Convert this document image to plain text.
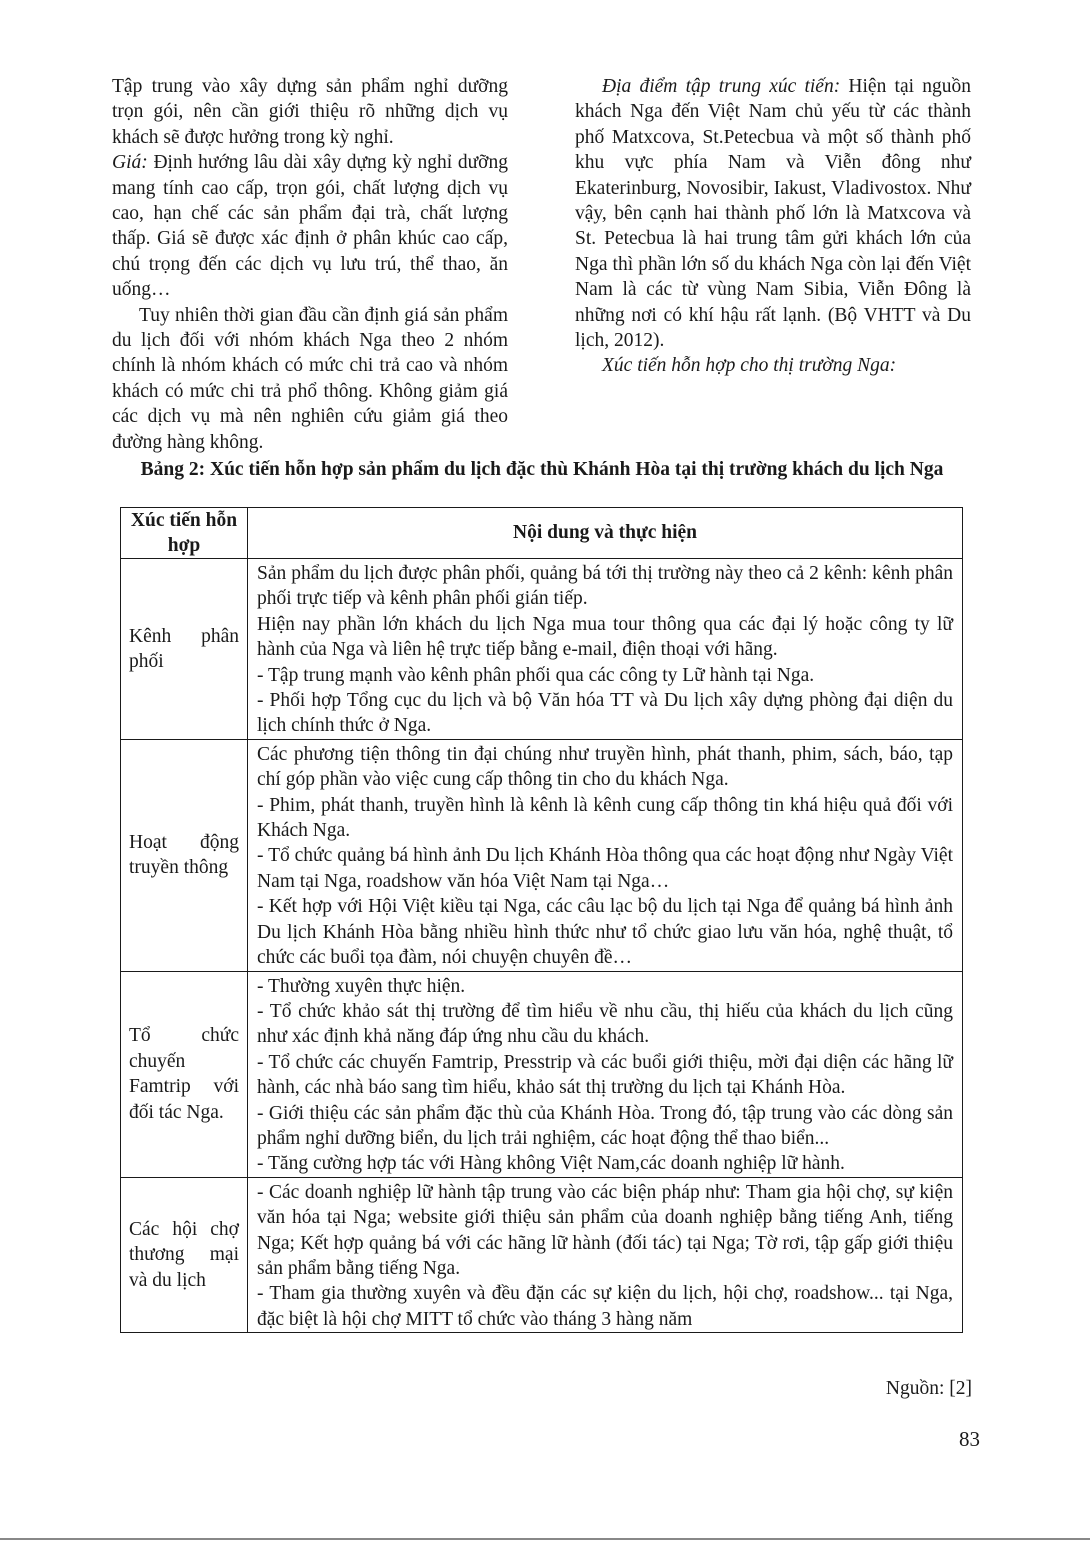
Tập trung vào xây dựng sản phẩm nghỉ dưỡng trọn gói, nên cần giới thiệu rõ những dịch vụ khách sẽ được hưởng trong kỳ nghỉ.

Giá: Định hướng lâu dài xây dựng kỳ nghỉ dưỡng mang tính cao cấp, trọn gói, chất lượng dịch vụ cao, hạn chế các sản phẩm đại trà, chất lượng thấp. Giá sẽ được xác định ở phân khúc cao cấp, chú trọng đến các dịch vụ lưu trú, thể thao, ăn uống…

Tuy nhiên thời gian đầu cần định giá sản phẩm du lịch đối với nhóm khách Nga theo 2 nhóm chính là nhóm khách có mức chi trả cao và nhóm khách có mức chi trả phổ thông. Không giảm giá các dịch vụ mà nên nghiên cứu giảm giá theo đường hàng không.

Địa điểm tập trung xúc tiến: Hiện tại nguồn khách Nga đến Việt Nam chủ yếu từ các thành phố Matxcova, St.Petecbua và một số thành phố khu vực phía Nam và Viễn đông như Ekaterinburg, Novosibir, Iakust, Vladivostox. Như vậy, bên cạnh hai thành phố lớn là Matxcova và St. Petecbua là hai trung tâm gửi khách lớn của Nga thì phần lớn số du khách Nga còn lại đến Việt Nam là các từ vùng Nam Sibia, Viễn Đông là những nơi có khí hậu rất lạnh. (Bộ VHTT và Du lịch, 2012).

Xúc tiến hỗn hợp cho thị trường Nga:

Bảng 2: Xúc tiến hỗn hợp sản phẩm du lịch đặc thù Khánh Hòa tại thị trường khách du lịch Nga
Xúc tiến hỗn hợp	Nội dung và thực hiện
Kênh phân phối	Sản phẩm du lịch được phân phối, quảng bá tới thị trường này theo cả 2 kênh: kênh phân phối trực tiếp và kênh phân phối gián tiếp.
Hiện nay phần lớn khách du lịch Nga mua tour thông qua các đại lý hoặc công ty lữ hành của Nga và liên hệ trực tiếp bằng e-mail, điện thoại với hãng.
- Tập trung mạnh vào kênh phân phối qua các công ty Lữ hành tại Nga.
- Phối hợp Tổng cục du lịch và bộ Văn hóa TT và Du lịch xây dựng phòng đại diện du lịch chính thức ở Nga.

Hoạt động truyền thông	Các phương tiện thông tin đại chúng như truyền hình, phát thanh, phim, sách, báo, tạp chí góp phần vào việc cung cấp thông tin cho du khách Nga.
- Phim, phát thanh, truyền hình là kênh là kênh cung cấp thông tin khá hiệu quả đối với Khách Nga.
- Tổ chức quảng bá hình ảnh Du lịch Khánh Hòa thông qua các hoạt động như Ngày Việt Nam tại Nga, roadshow văn hóa Việt Nam tại Nga…
- Kết hợp với Hội Việt kiều tại Nga, các câu lạc bộ du lịch tại Nga để quảng bá hình ảnh Du lịch Khánh Hòa bằng nhiều hình thức như tổ chức giao lưu văn hóa, nghệ thuật, tổ chức các buổi tọa đàm, nói chuyện chuyên đề…

Tổ chức chuyến Famtrip với đối tác Nga.	- Thường xuyên thực hiện.
- Tổ chức khảo sát thị trường để tìm hiểu về nhu cầu, thị hiếu của khách du lịch cũng như xác định khả năng đáp ứng nhu cầu du khách.
- Tổ chức các chuyến Famtrip, Presstrip và các buổi giới thiệu, mời đại diện các hãng lữ hành, các nhà báo sang tìm hiểu, khảo sát thị trường du lịch tại Khánh Hòa.
- Giới thiệu các sản phẩm đặc thù của Khánh Hòa. Trong đó, tập trung vào các dòng sản phẩm nghỉ dưỡng biển, du lịch trải nghiệm, các hoạt động thể thao biển...
- Tăng cường hợp tác với Hàng không Việt Nam,các doanh nghiệp lữ hành.

Các hội chợ thương mại và du lịch	- Các doanh nghiệp lữ hành tập trung vào các biện pháp như: Tham gia hội chợ, sự kiện văn hóa tại Nga; website giới thiệu sản phẩm của doanh nghiệp bằng tiếng Anh, tiếng Nga; Kết hợp quảng bá với các hãng lữ hành (đối tác) tại Nga; Tờ rơi, tập gấp giới thiệu sản phẩm bằng tiếng Nga.
- Tham gia thường xuyên và đều đặn các sự kiện du lịch, hội chợ, roadshow... tại Nga, đặc biệt là hội chợ MITT tổ chức vào tháng 3 hàng năm
Nguồn: [2]
83
